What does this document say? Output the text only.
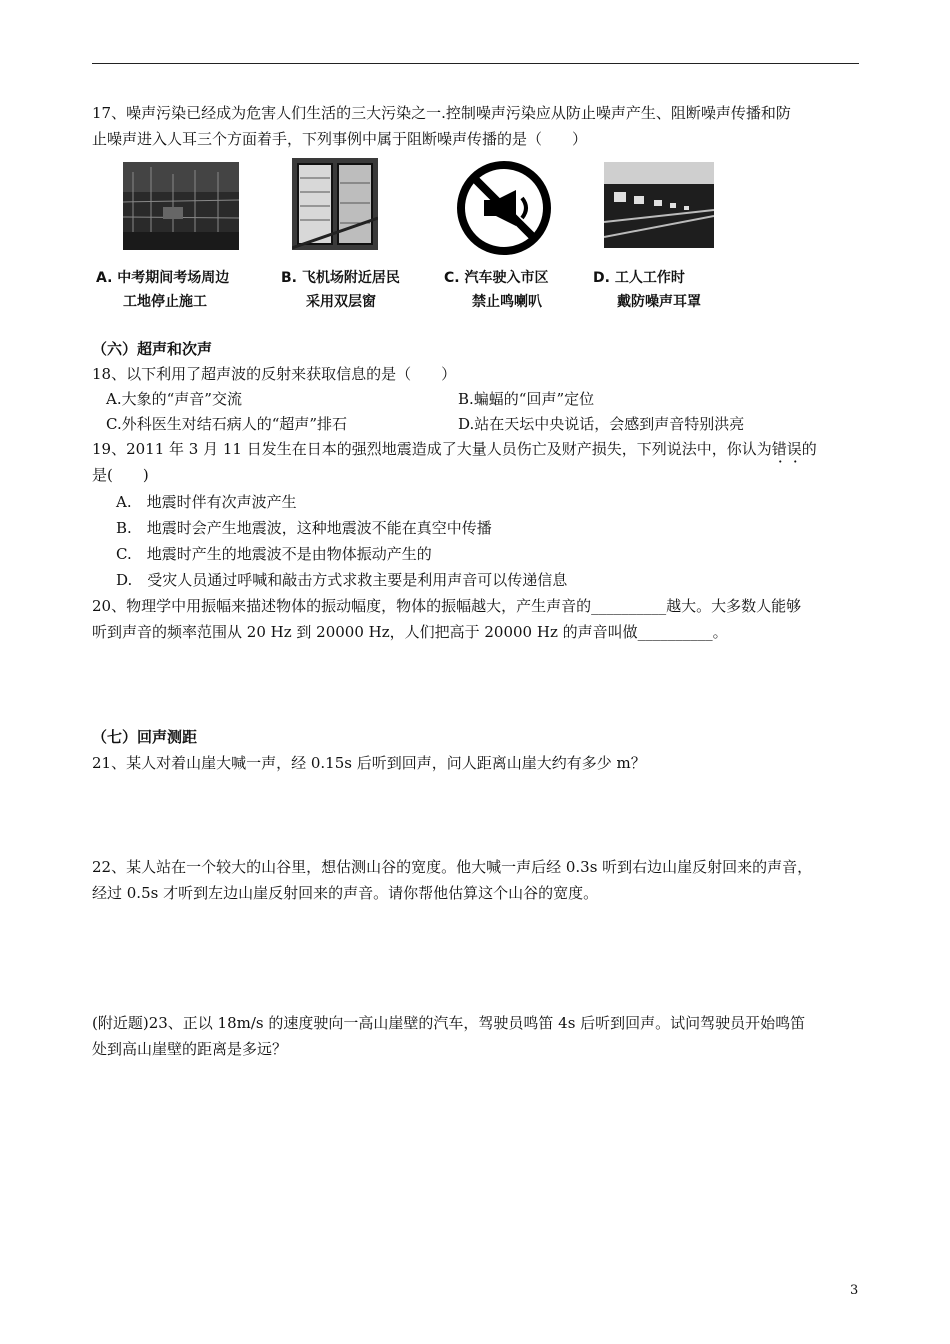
17、噪声污染已经成为危害人们生活的三大污染之一.控制噪声污染应从防止噪声产生、阻断噪声传播和防
止噪声进入人耳三个方面着手，下列事例中属于阻断噪声传播的是（　　）
A. 中考期间考场周边
工地停止施工
B. 飞机场附近居民
采用双层窗
C. 汽车驶入市区
禁止鸣喇叭
D. 工人工作时
戴防噪声耳罩
（六）超声和次声
18、以下利用了超声波的反射来获取信息的是（　　）
A.大象的“声音”交流	B.蝙蝠的“回声”定位
C.外科医生对结石病人的“超声”排石	D.站在天坛中央说话，会感到声音特别洪亮
19、2011 年 3 月 11 日发生在日本的强烈地震造成了大量人员伤亡及财产损失，下列说法中，你认为错误的
是(　　)
A.　地震时伴有次声波产生
B.　地震时会产生地震波，这种地震波不能在真空中传播
C.　地震时产生的地震波不是由物体振动产生的
D.　受灾人员通过呼喊和敲击方式求救主要是利用声音可以传递信息
20、物理学中用振幅来描述物体的振动幅度，物体的振幅越大，产生声音的__________越大。大多数人能够
听到声音的频率范围从 20 Hz 到 20000 Hz，人们把高于 20000 Hz 的声音叫做__________。
（七）回声测距
21、某人对着山崖大喊一声，经 0.15s 后听到回声，问人距离山崖大约有多少 m？
22、某人站在一个较大的山谷里，想估测山谷的宽度。他大喊一声后经 0.3s 听到右边山崖反射回来的声音，
经过 0.5s 才听到左边山崖反射回来的声音。请你帮他估算这个山谷的宽度。
(附近题)23、正以 18m/s 的速度驶向一高山崖壁的汽车，驾驶员鸣笛 4s 后听到回声。试问驾驶员开始鸣笛
处到高山崖壁的距离是多远？
3
